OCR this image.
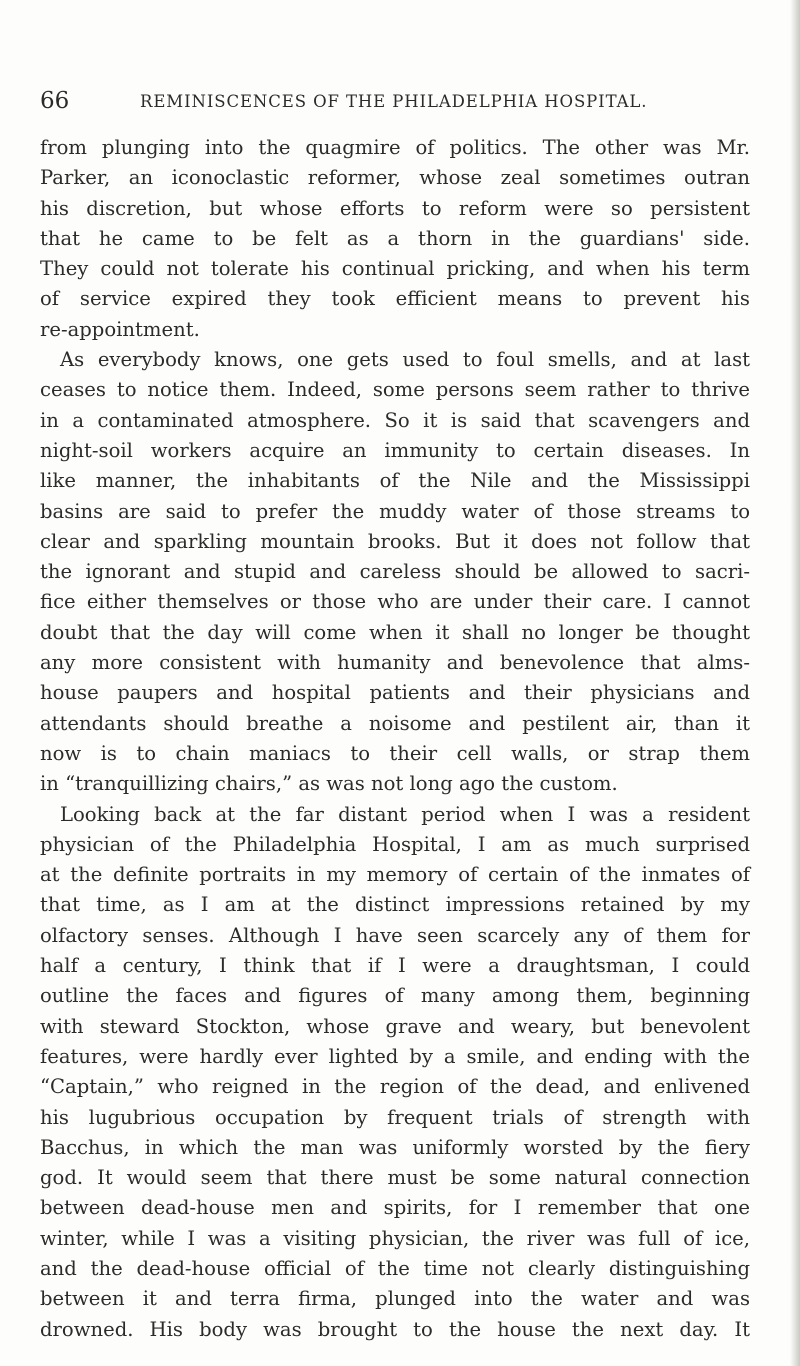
66	REMINISCENCES OF THE PHILADELPHIA HOSPITAL.
from plunging into the quagmire of politics. The other was Mr.
Parker, an iconoclastic reformer, whose zeal sometimes outran
his discretion, but whose efforts to reform were so persistent
that he came to be felt as a thorn in the guardians' side.
They could not tolerate his continual pricking, and when his term
of service expired they took efficient means to prevent his
re-appointment.
As everybody knows, one gets used to foul smells, and at last
ceases to notice them. Indeed, some persons seem rather to thrive
in a contaminated atmosphere. So it is said that scavengers and
night-soil workers acquire an immunity to certain diseases. In
like manner, the inhabitants of the Nile and the Mississippi
basins are said to prefer the muddy water of those streams to
clear and sparkling mountain brooks. But it does not follow that
the ignorant and stupid and careless should be allowed to sacri-
fice either themselves or those who are under their care. I cannot
doubt that the day will come when it shall no longer be thought
any more consistent with humanity and benevolence that alms-
house paupers and hospital patients and their physicians and
attendants should breathe a noisome and pestilent air, than it
now is to chain maniacs to their cell walls, or strap them
in “tranquillizing chairs,” as was not long ago the custom.
Looking back at the far distant period when I was a resident
physician of the Philadelphia Hospital, I am as much surprised
at the definite portraits in my memory of certain of the inmates of
that time, as I am at the distinct impressions retained by my
olfactory senses. Although I have seen scarcely any of them for
half a century, I think that if I were a draughtsman, I could
outline the faces and figures of many among them, beginning
with steward Stockton, whose grave and weary, but benevolent
features, were hardly ever lighted by a smile, and ending with the
“Captain,” who reigned in the region of the dead, and enlivened
his lugubrious occupation by frequent trials of strength with
Bacchus, in which the man was uniformly worsted by the fiery
god. It would seem that there must be some natural connection
between dead-house men and spirits, for I remember that one
winter, while I was a visiting physician, the river was full of ice,
and the dead-house official of the time not clearly distinguishing
between it and terra firma, plunged into the water and was
drowned. His body was brought to the house the next day. It
